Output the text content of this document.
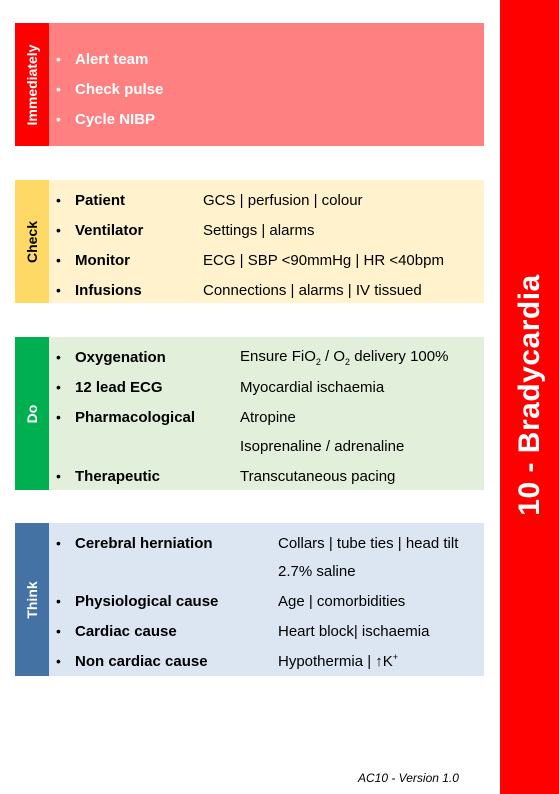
10 - Bradycardia
Immediately • Alert team
• Check pulse
• Cycle NIBP
Check
• Patient	GCS | perfusion | colour
• Ventilator	Settings | alarms
• Monitor	ECG | SBP <90mmHg | HR <40bpm
• Infusions	Connections | alarms | IV tissued
Do
• Oxygenation	Ensure $FiO_2 / O_2$ delivery 100%
• 12 lead ECG	Myocardial ischaemia
• Pharmacological	Atropine
Isoprenaline / adrenaline
• Therapeutic	Transcutaneous pacing
Think
• Cerebral herniation	Collars | tube ties | head tilt
2.7% saline
• Physiological cause	Age | comorbidities
• Cardiac cause	Heart block| ischaemia
• Non cardiac cause	Hypothermia | ↑K+
AC10 - Version 1.0
